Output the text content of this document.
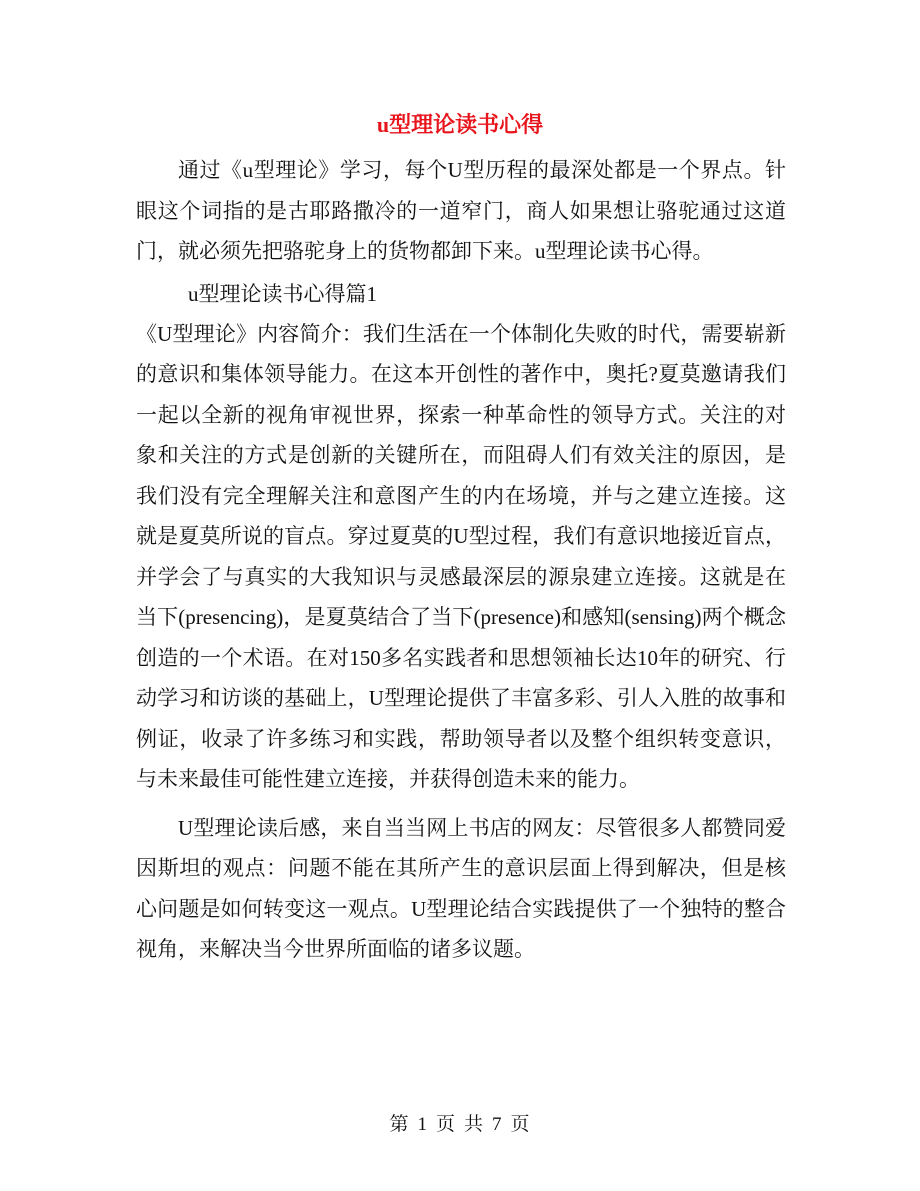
u型理论读书心得

通过《u型理论》学习，每个U型历程的最深处都是一个界点。针眼这个词指的是古耶路撒冷的一道窄门，商人如果想让骆驼通过这道门，就必须先把骆驼身上的货物都卸下来。u型理论读书心得。

u型理论读书心得篇1

《U型理论》内容简介：我们生活在一个体制化失败的时代，需要崭新的意识和集体领导能力。在这本开创性的著作中，奥托?夏莫邀请我们一起以全新的视角审视世界，探索一种革命性的领导方式。关注的对象和关注的方式是创新的关键所在，而阻碍人们有效关注的原因，是我们没有完全理解关注和意图产生的内在场境，并与之建立连接。这就是夏莫所说的盲点。穿过夏莫的U型过程，我们有意识地接近盲点，并学会了与真实的大我知识与灵感最深层的源泉建立连接。这就是在当下(presencing)，是夏莫结合了当下(presence)和感知(sensing)两个概念创造的一个术语。在对150多名实践者和思想领袖长达10年的研究、行动学习和访谈的基础上，U型理论提供了丰富多彩、引人入胜的故事和例证，收录了许多练习和实践，帮助领导者以及整个组织转变意识，与未来最佳可能性建立连接，并获得创造未来的能力。

U型理论读后感，来自当当网上书店的网友：尽管很多人都赞同爱因斯坦的观点：问题不能在其所产生的意识层面上得到解决，但是核心问题是如何转变这一观点。U型理论结合实践提供了一个独特的整合视角，来解决当今世界所面临的诸多议题。

第 1 页 共 7 页
